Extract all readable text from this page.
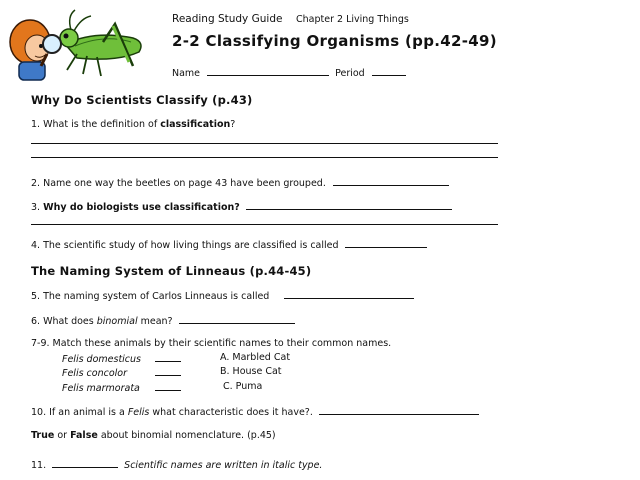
Reading Study Guide Chapter 2 Living Things
2-2 Classifying Organisms (pp.42-49)
Name	Period
Why Do Scientists Classify (p.43)
1. What is the definition of classification?
2. Name one way the beetles on page 43 have been grouped.
3. Why do biologists use classification?
4. The scientific study of how living things are classified is called
The Naming System of Linneaus (p.44-45)
5. The naming system of Carlos Linneaus is called
6. What does binomial mean?
7-9. Match these animals by their scientific names to their common names.
Felis domesticus	A. Marbled Cat
Felis concolor	B. House Cat
Felis marmorata	C. Puma
10. If an animal is a Felis what characteristic does it have?.
True or False about binomial nomenclature. (p.45)
11.	Scientific names are written in italic type.
